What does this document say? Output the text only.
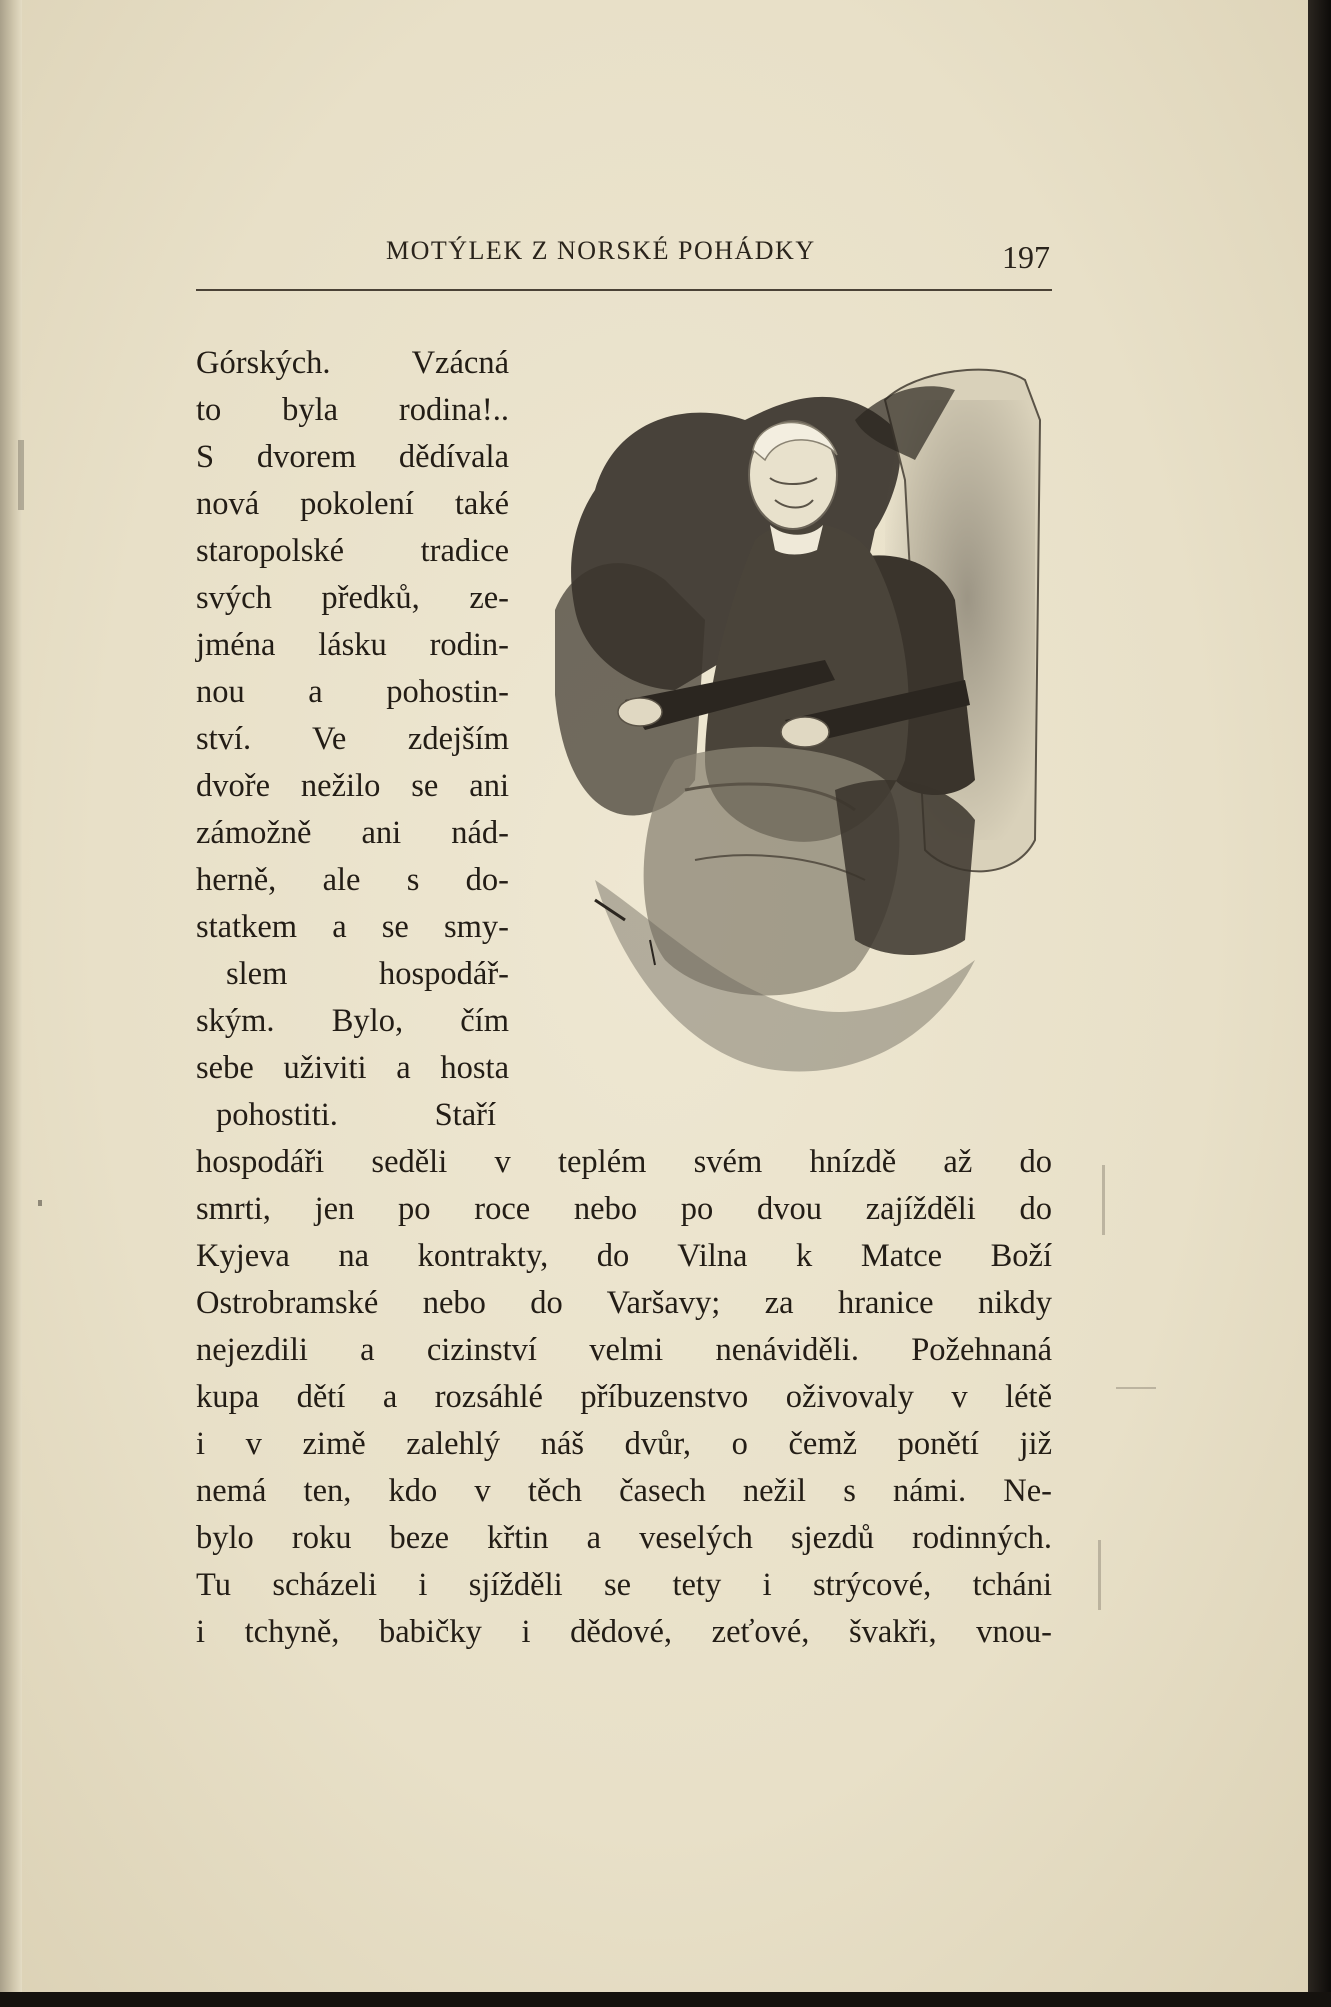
MOTÝLEK Z NORSKÉ POHÁDKY	197
Górských. Vzácná
to byla rodina!..
S dvorem dědívala
nová pokolení také
staropolské tradice
svých předků, ze-
jména lásku rodin-
nou a pohostin-
ství. Ve zdejším
dvoře nežilo se ani
zámožně ani nád-
herně, ale s do-
statkem a se smy-
slem hospodář-
ským. Bylo, čím
sebe uživiti a hosta
pohostiti. Staří
hospodáři seděli v teplém svém hnízdě až do
smrti, jen po roce nebo po dvou zajížděli do
Kyjeva na kontrakty, do Vilna k Matce Boží
Ostrobramské nebo do Varšavy; za hranice nikdy
nejezdili a cizinství velmi nenáviděli. Požehnaná
kupa dětí a rozsáhlé příbuzenstvo oživovaly v létě
i v zimě zalehlý náš dvůr, o čemž ponětí již
nemá ten, kdo v těch časech nežil s námi. Ne-
bylo roku beze křtin a veselých sjezdů rodinných.
Tu scházeli i sjížděli se tety i strýcové, tcháni
i tchyně, babičky i dědové, zeťové, švakři, vnou-
